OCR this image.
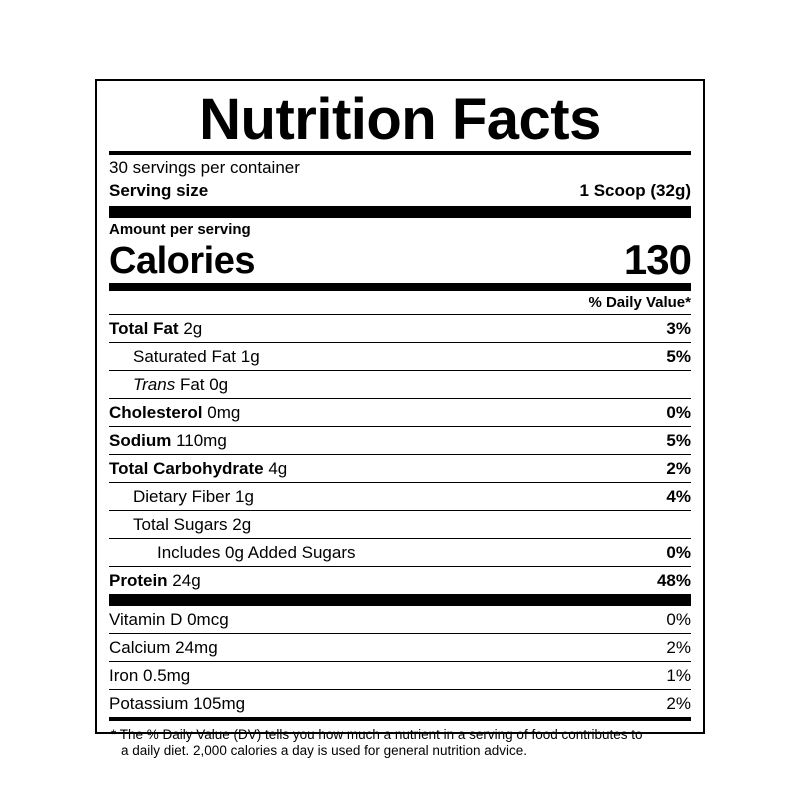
Nutrition Facts
30 servings per container
Serving size	1 Scoop (32g)
Amount per serving
Calories	130
% Daily Value*
Total Fat 2g	3%
Saturated Fat 1g	5%
Trans Fat 0g
Cholesterol 0mg	0%
Sodium 110mg	5%
Total Carbohydrate 4g	2%
Dietary Fiber 1g	4%
Total Sugars 2g
Includes 0g Added Sugars	0%
Protein 24g	48%
Vitamin D 0mcg	0%
Calcium 24mg	2%
Iron 0.5mg	1%
Potassium 105mg	2%
* The % Daily Value (DV) tells you how much a nutrient in a serving of food contributes to
a daily diet. 2,000 calories a day is used for general nutrition advice.
